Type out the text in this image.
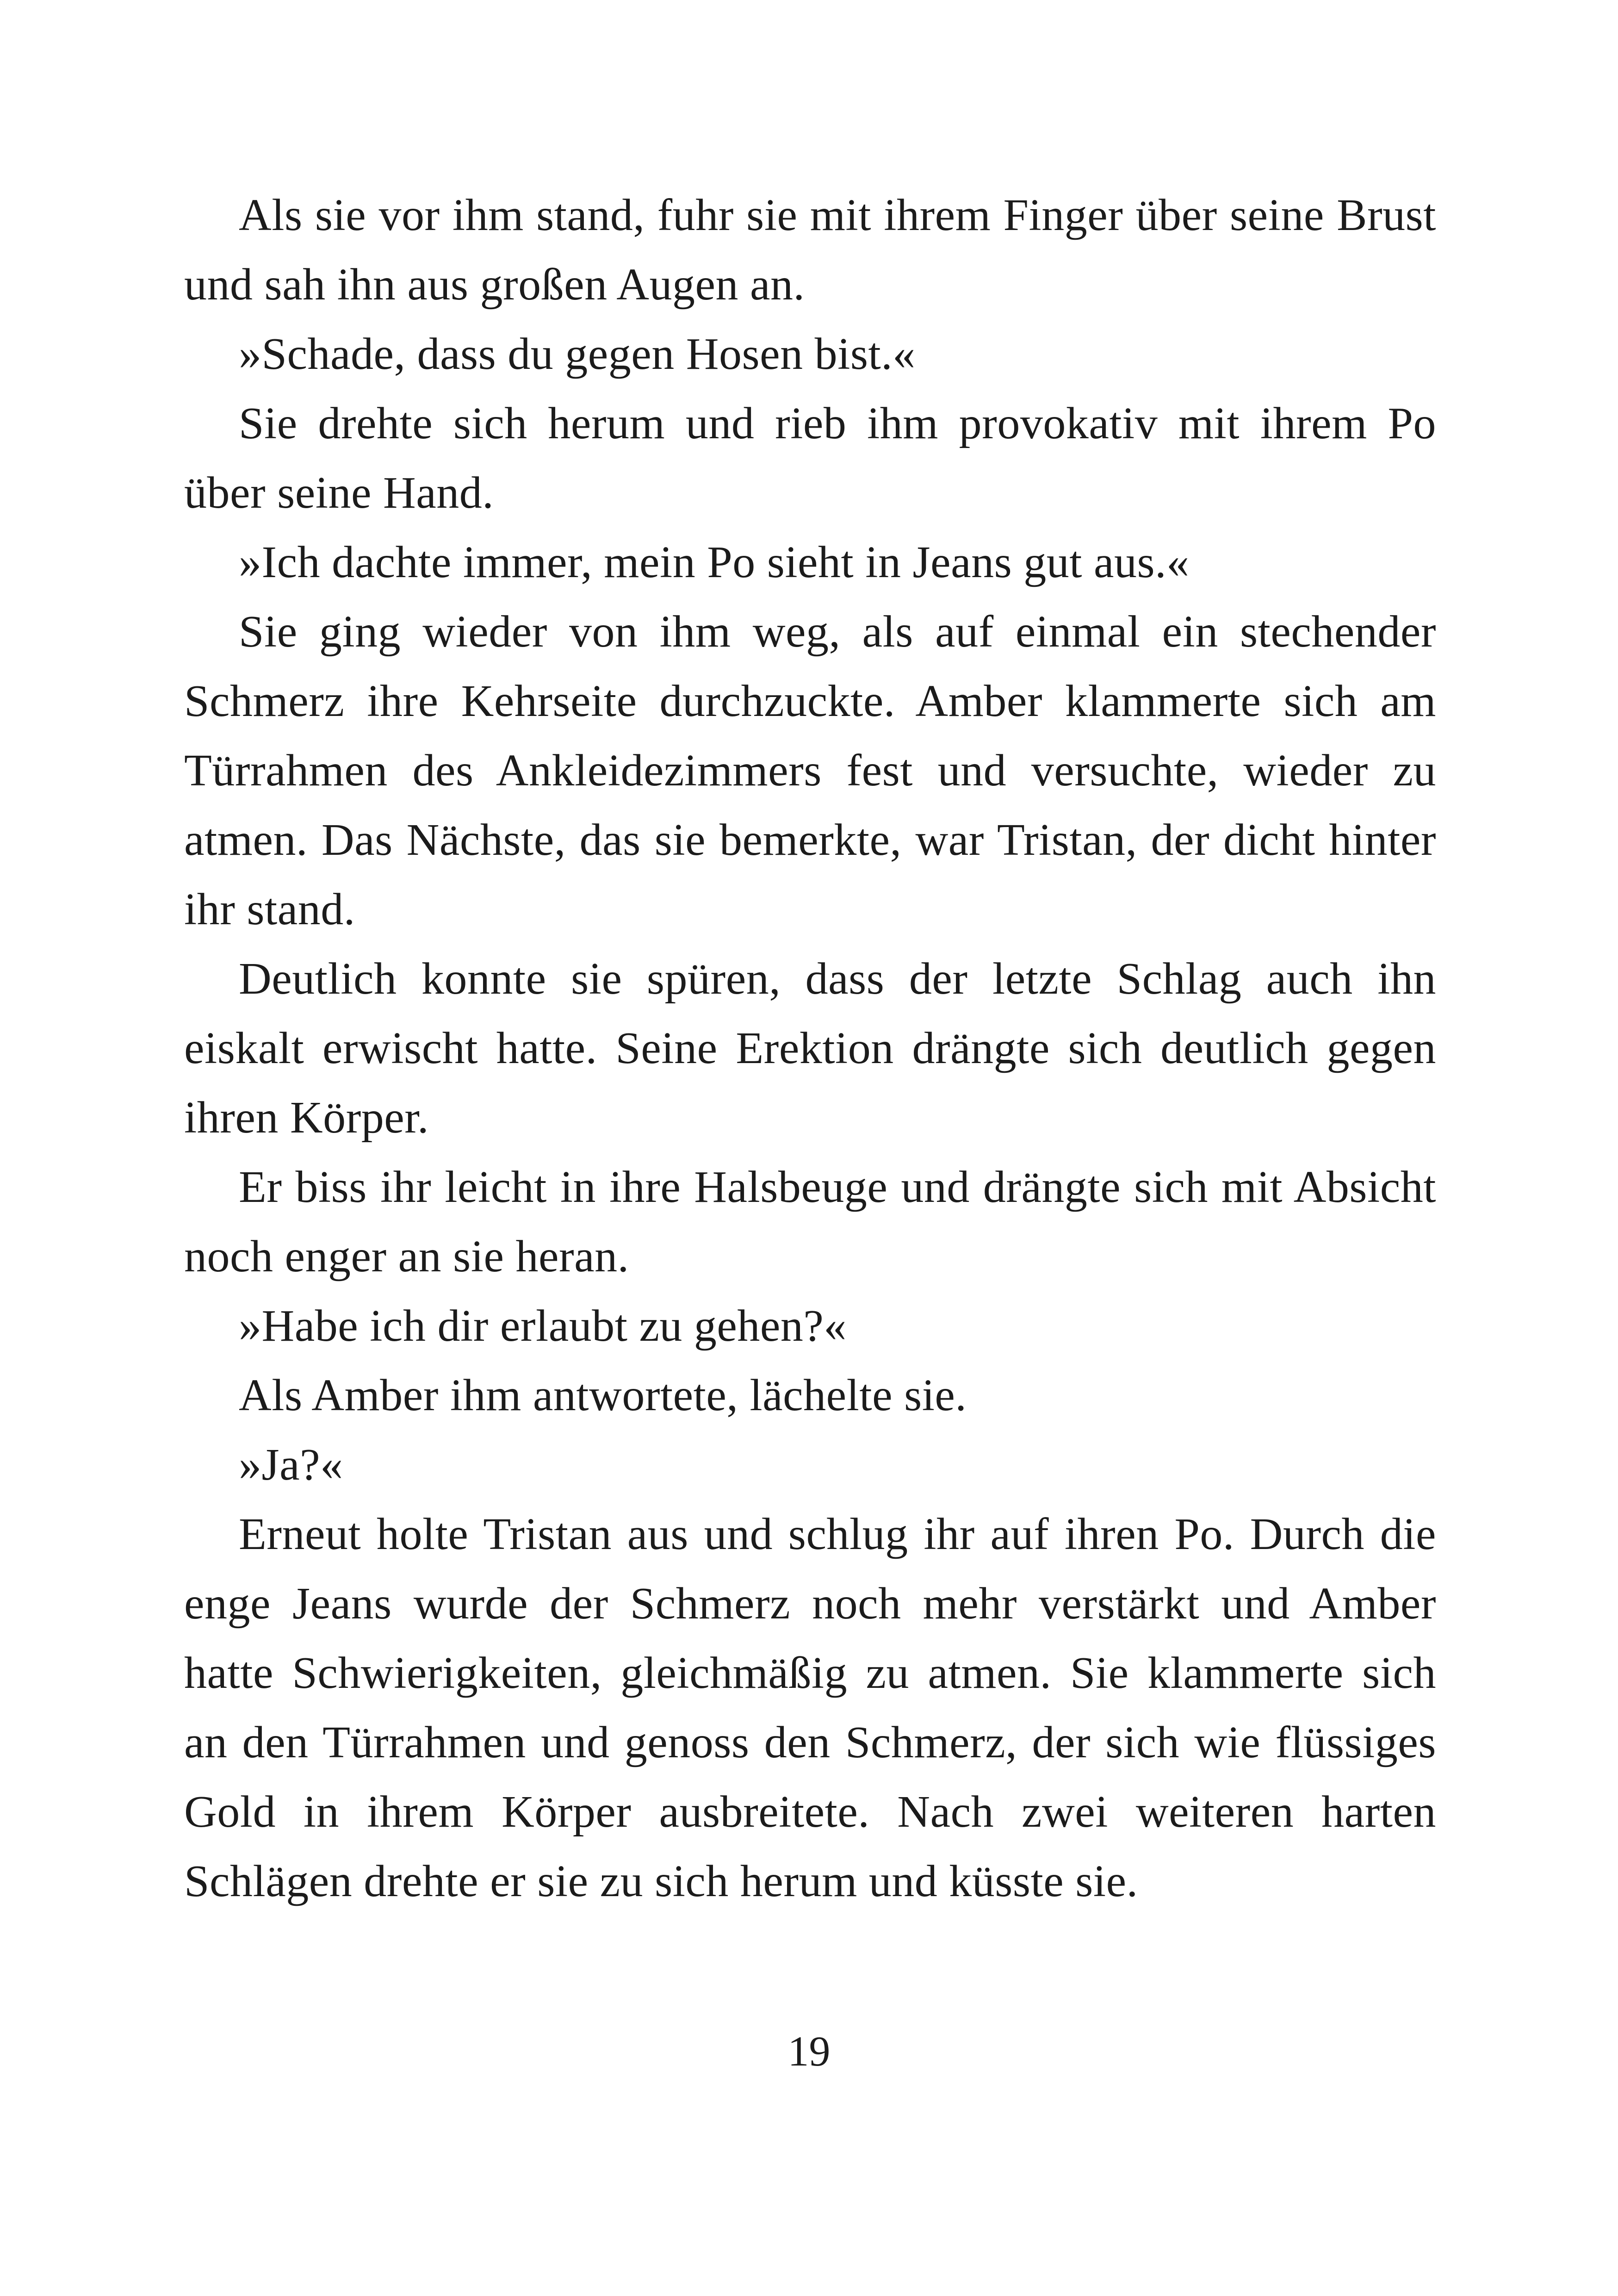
Als sie vor ihm stand, fuhr sie mit ihrem Finger über seine Brust und sah ihn aus großen Augen an.

»Schade, dass du gegen Hosen bist.«

Sie drehte sich herum und rieb ihm provokativ mit ihrem Po über seine Hand.

»Ich dachte immer, mein Po sieht in Jeans gut aus.«

Sie ging wieder von ihm weg, als auf einmal ein stechender Schmerz ihre Kehrseite durchzuckte. Amber klammerte sich am Türrahmen des Ankleidezimmers fest und versuchte, wieder zu atmen. Das Nächste, das sie bemerkte, war Tristan, der dicht hinter ihr stand.

Deutlich konnte sie spüren, dass der letzte Schlag auch ihn eiskalt erwischt hatte. Seine Erektion drängte sich deutlich gegen ihren Körper.

Er biss ihr leicht in ihre Halsbeuge und drängte sich mit Absicht noch enger an sie heran.

»Habe ich dir erlaubt zu gehen?«

Als Amber ihm antwortete, lächelte sie.

»Ja?«

Erneut holte Tristan aus und schlug ihr auf ihren Po. Durch die enge Jeans wurde der Schmerz noch mehr verstärkt und Amber hatte Schwierigkeiten, gleichmäßig zu atmen. Sie klammerte sich an den Türrahmen und genoss den Schmerz, der sich wie flüssiges Gold in ihrem Körper ausbreitete. Nach zwei weiteren harten Schlägen drehte er sie zu sich herum und küsste sie.

19
